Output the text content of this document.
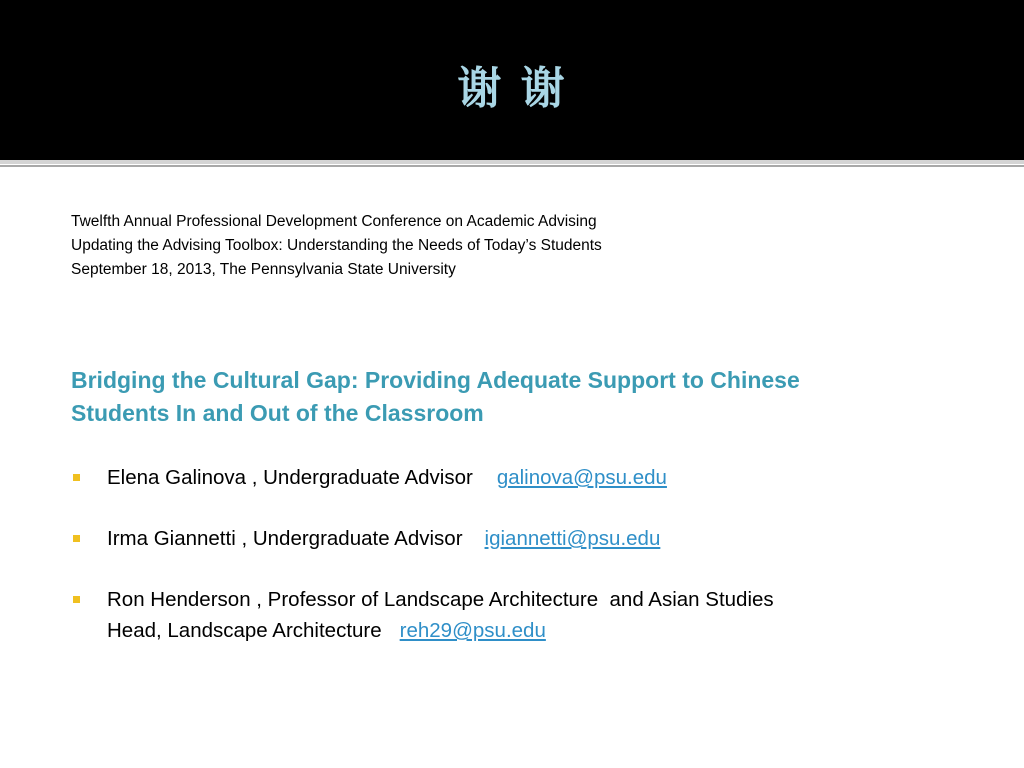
谢 谢
Twelfth Annual Professional Development Conference on Academic Advising
Updating the Advising Toolbox: Understanding the Needs of Today’s Students
September 18, 2013, The Pennsylvania State University
Bridging the Cultural Gap: Providing Adequate Support to Chinese
Students In and Out of the Classroom
Elena Galinova , Undergraduate Advisor galinova@psu.edu
Irma Giannetti , Undergraduate Advisor igiannetti@psu.edu
Ron Henderson , Professor of Landscape Architecture  and Asian Studies
Head, Landscape Architecture reh29@psu.edu
